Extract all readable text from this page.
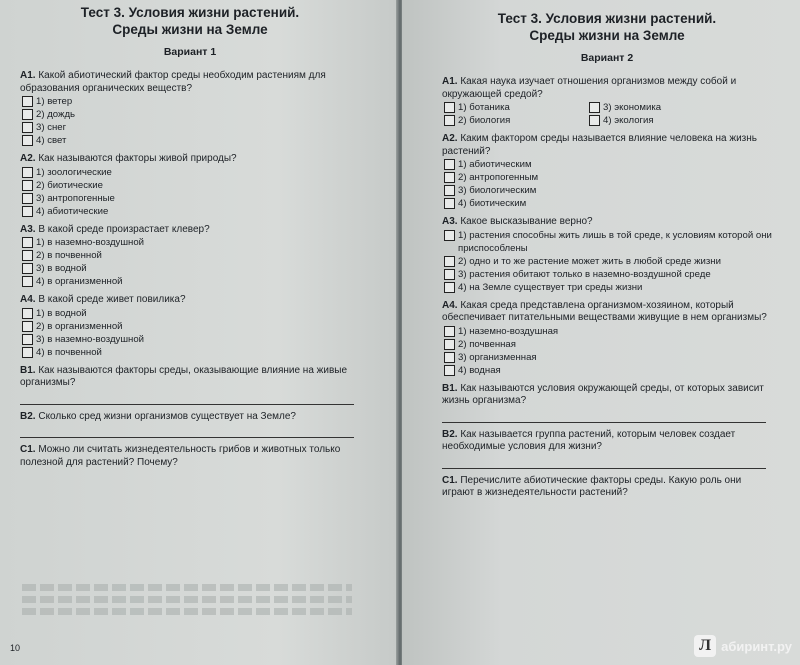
Тест 3. Условия жизни растений.
Среды жизни на Земле
Вариант 1

А1. Какой абиотический фактор среды необходим растениям для образования органических веществ?

1) ветер
2) дождь
3) снег
4) свет

А2. Как называются факторы живой природы?

1) зоологические
2) биотические
3) антропогенные
4) абиотические

А3. В какой среде произрастает клевер?

1) в наземно-воздушной
2) в почвенной
3) в водной
4) в организменной

А4. В какой среде живет повилика?

1) в водной
2) в организменной
3) в наземно-воздушной
4) в почвенной

В1. Как называются факторы среды, оказывающие влияние на живые организмы?

В2. Сколько сред жизни организмов существует на Земле?

С1. Можно ли считать жизнедеятельность грибов и животных только полезной для растений? Почему?

10
Тест 3. Условия жизни растений.
Среды жизни на Земле
Вариант 2

А1. Какая наука изучает отношения организмов между собой и окружающей средой?

1) ботаника	3) экономика
2) биология	4) экология

А2. Каким фактором среды называется влияние человека на жизнь растений?

1) абиотическим
2) антропогенным
3) биологическим
4) биотическим

А3. Какое высказывание верно?

1) растения способны жить лишь в той среде, к условиям которой они приспособлены
2) одно и то же растение может жить в любой среде жизни
3) растения обитают только в наземно-воздушной среде
4) на Земле существует три среды жизни

А4. Какая среда представлена организмом-хозяином, который обеспечивает питательными веществами живущие в нем организмы?

1) наземно-воздушная
2) почвенная
3) организменная
4) водная

В1. Как называются условия окружающей среды, от которых зависит жизнь организма?

В2. Как называется группа растений, которым человек создает необходимые условия для жизни?

С1. Перечислите абиотические факторы среды. Какую роль они играют в жизнедеятельности растений?

Л абиринт.ру
